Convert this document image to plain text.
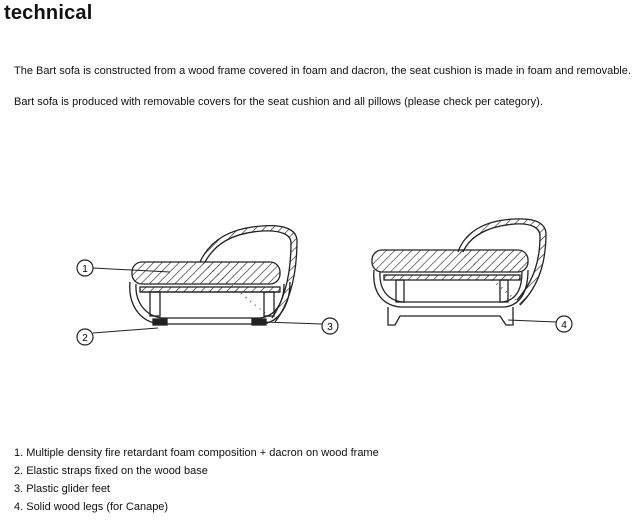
technical
The Bart sofa is constructed from a wood frame covered in foam and dacron, the seat cushion is made in foam and removable.
Bart sofa is produced with removable covers for the seat cushion and all pillows (please check per category).
1
2
3	4
1. Multiple density fire retardant foam composition + dacron on wood frame
2. Elastic straps fixed on the wood base
3. Plastic glider feet
4. Solid wood legs (for Canape)
